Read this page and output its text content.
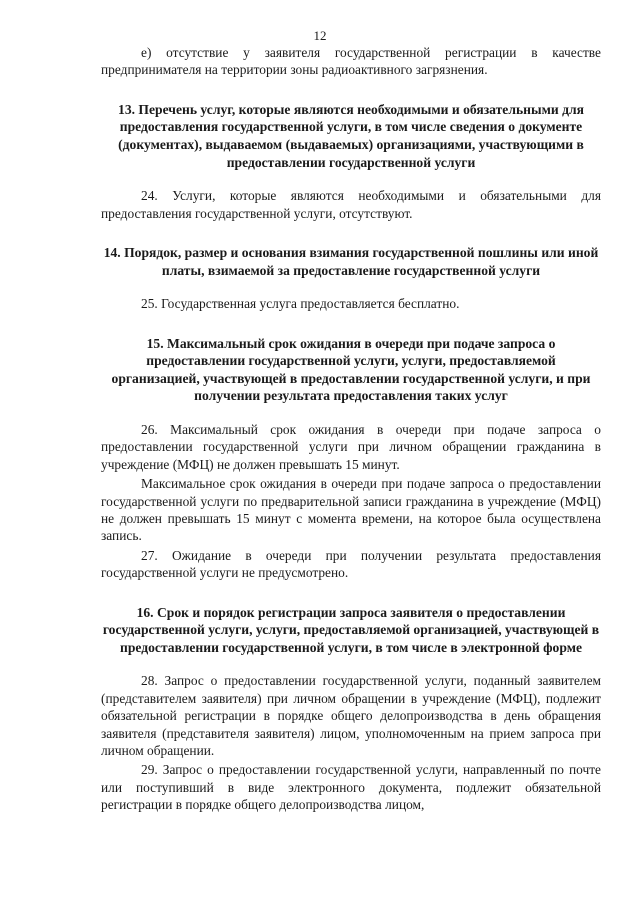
12

е) отсутствие у заявителя государственной регистрации в качестве предпринимателя на территории зоны радиоактивного загрязнения.

13. Перечень услуг, которые являются необходимыми и обязательными для предоставления государственной услуги, в том числе сведения о документе (документах), выдаваемом (выдаваемых) организациями, участвующими в предоставлении государственной услуги

24. Услуги, которые являются необходимыми и обязательными для предоставления государственной услуги, отсутствуют.

14. Порядок, размер и основания взимания государственной пошлины или иной платы, взимаемой за предоставление государственной услуги

25. Государственная услуга предоставляется бесплатно.

15. Максимальный срок ожидания в очереди при подаче запроса о предоставлении государственной услуги, услуги, предоставляемой организацией, участвующей в предоставлении государственной услуги, и при получении результата предоставления таких услуг

26. Максимальный срок ожидания в очереди при подаче запроса о предоставлении государственной услуги при личном обращении гражданина в учреждение (МФЦ) не должен превышать 15 минут.

Максимальное срок ожидания в очереди при подаче запроса о предоставлении государственной услуги по предварительной записи гражданина в учреждение (МФЦ) не должен превышать 15 минут с момента времени, на которое была осуществлена запись.

27. Ожидание в очереди при получении результата предоставления государственной услуги не предусмотрено.

16. Срок и порядок регистрации запроса заявителя о предоставлении государственной услуги, услуги, предоставляемой организацией, участвующей в предоставлении государственной услуги, в том числе в электронной форме

28. Запрос о предоставлении государственной услуги, поданный заявителем (представителем заявителя) при личном обращении в учреждение (МФЦ), подлежит обязательной регистрации в порядке общего делопроизводства в день обращения заявителя (представителя заявителя) лицом, уполномоченным на прием запроса при личном обращении.

29. Запрос о предоставлении государственной услуги, направленный по почте или поступивший в виде электронного документа, подлежит обязательной регистрации в порядке общего делопроизводства лицом,
